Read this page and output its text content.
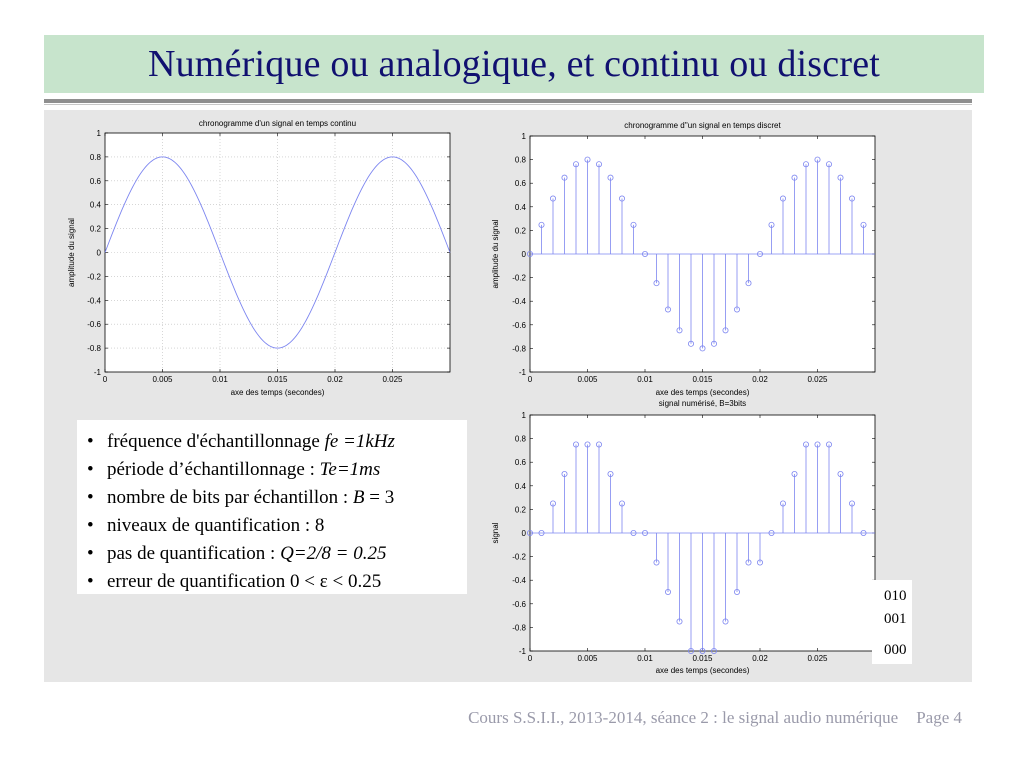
Numérique ou analogique, et continu ou discret
0	0.005	0.01	0.015	0.02	0.025
1
0.8
0.6
0.4
0.2
0
-0.2
-0.4
-0.6
-0.8
-1
chronogramme d'un signal en temps continu
axe des temps (secondes)
amplitude du signal
0	0.005	0.01	0.015	0.02	0.025
1
0.8
0.6
0.4
0.2
0
-0.2
-0.4
-0.6
-0.8
-1
chronogramme d''un signal en temps discret
axe des temps (secondes)
amplitude du signal
0	0.005	0.01	0.015	0.02	0.025
1
0.8
0.6
0.4
0.2
0
-0.2
-0.4
-0.6
-0.8
-1
signal numérisé, B=3bits
axe des temps (secondes)
signal
• fréquence d'échantillonnage fe =1kHz
• période d’échantillonnage : Te=1ms
• nombre de bits par échantillon : B = 3
• niveaux de quantification : 8
• pas de quantification : Q=2/8 = 0.25
• erreur de quantification 0 < ε < 0.25
010
001
000
Cours S.S.I.I., 2013-2014, séance 2 : le signal audio numérique Page 4
